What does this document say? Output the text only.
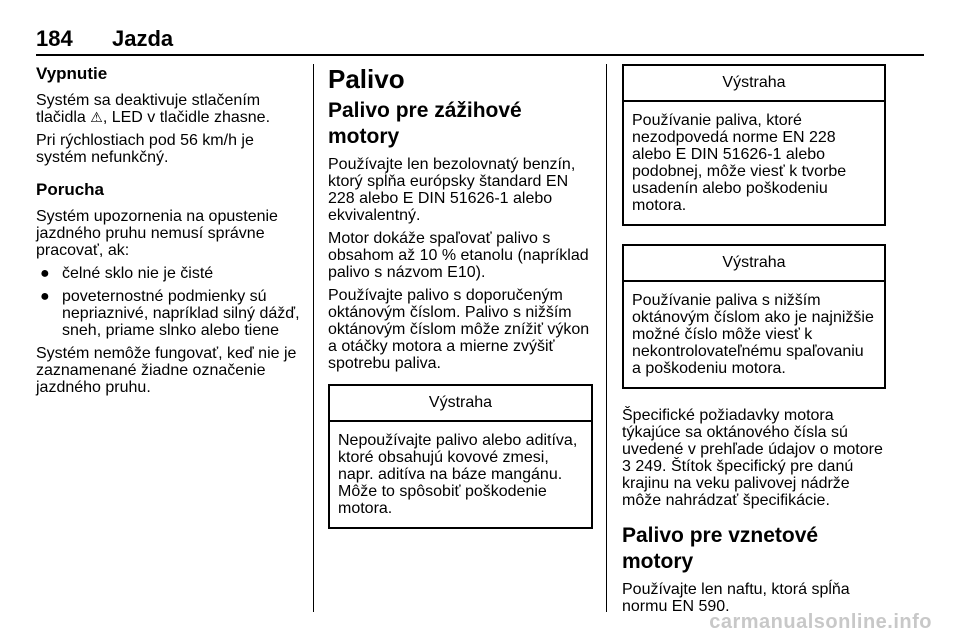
184 Jazda
Vypnutie

Systém sa deaktivuje stlačením tlačidla ⚠︎, LED v tlačidle zhasne.

Pri rýchlostiach pod 56 km/h je systém nefunkčný.

Porucha

Systém upozornenia na opustenie jazdného pruhu nemusí správne pracovať, ak:

● čelné sklo nie je čisté
● poveternostné podmienky sú nepriaznivé, napríklad silný dážď, sneh, priame slnko alebo tiene

Systém nemôže fungovať, keď nie je zaznamenané žiadne označenie jazdného pruhu.

Palivo
Palivo pre zážihové motory

Používajte len bezolovnatý benzín, ktorý spĺňa európsky štandard EN 228 alebo E DIN 51626-1 alebo ekvivalentný.

Motor dokáže spaľovať palivo s obsahom až 10 % etanolu (napríklad palivo s názvom E10).

Používajte palivo s doporučeným oktánovým číslom. Palivo s nižším oktánovým číslom môže znížiť výkon a otáčky motora a mierne zvýšiť spotrebu paliva.

Výstraha
Nepoužívajte palivo alebo aditíva, ktoré obsahujú kovové zmesi, napr. aditíva na báze mangánu. Môže to spôsobiť poškodenie motora.
Výstraha
Používanie paliva, ktoré nezodpovedá norme EN 228 alebo E DIN 51626-1 alebo podobnej, môže viesť k tvorbe usadenín alebo poškodeniu motora.
Výstraha
Používanie paliva s nižším oktánovým číslom ako je najnižšie možné číslo môže viesť k nekontrolovateľnému spaľovaniu a poškodeniu motora.

Špecifické požiadavky motora týkajúce sa oktánového čísla sú uvedené v prehľade údajov o motore 3 249. Štítok špecifický pre danú krajinu na veku palivovej nádrže môže nahrádzať špecifikácie.

Palivo pre vznetové motory

Používajte len naftu, ktorá spĺňa normu EN 590.

carmanualsonline.info
